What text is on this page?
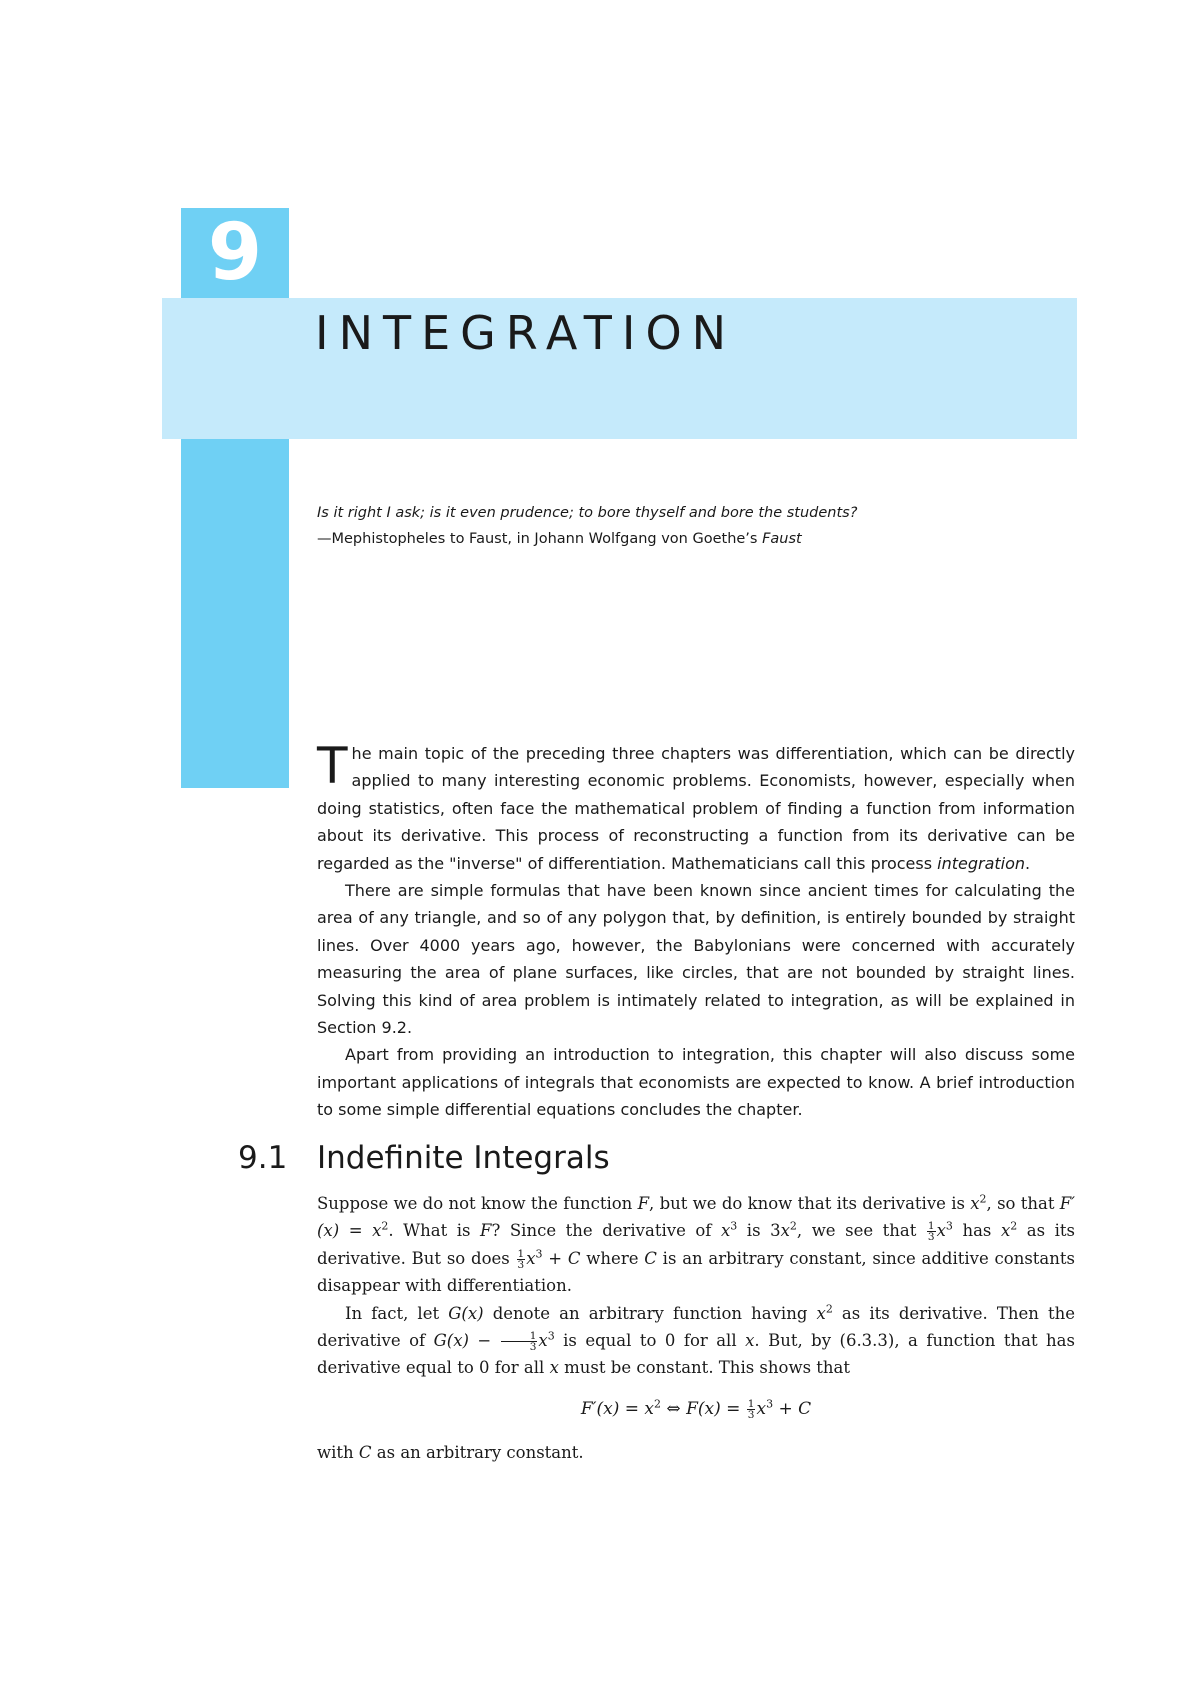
9
INTEGRATION
Is it right I ask; is it even prudence; to bore thyself and bore the students?
—Mephistopheles to Faust, in Johann Wolfgang von Goethe’s Faust

The main topic of the preceding three chapters was differentiation, which can be directly applied to many interesting economic problems. Economists, however, especially when doing statistics, often face the mathematical problem of finding a function from information about its derivative. This process of reconstructing a function from its derivative can be regarded as the "inverse" of differentiation. Mathematicians call this process integration.

There are simple formulas that have been known since ancient times for calculating the area of any triangle, and so of any polygon that, by definition, is entirely bounded by straight lines. Over 4000 years ago, however, the Babylonians were concerned with accurately measuring the area of plane surfaces, like circles, that are not bounded by straight lines. Solving this kind of area problem is intimately related to integration, as will be explained in Section 9.2.

Apart from providing an introduction to integration, this chapter will also discuss some important applications of integrals that economists are expected to know. A brief introduction to some simple differential equations concludes the chapter.

9.1 Indefinite Integrals

Suppose we do not know the function F, but we do know that its derivative is $x^2$, so that $F'(x) = x^2$. What is F? Since the derivative of $x^3$ is $3x^2$, we see that $\frac{1}{3} x^3$ has $x^2$ as its derivative. But so does $\frac{1}{3} x^3 + C$ where C is an arbitrary constant, since additive constants disappear with differentiation.

In fact, let G(x) denote an arbitrary function having $x^2$ as its derivative. Then the derivative of $G(x) - \frac{1}{3} x^3$ is equal to 0 for all x. But, by (6.3.3), a function that has derivative equal to 0 for all x must be constant. This shows that

$F'(x) = x^2$ ⇔ $F(x) = \frac{1}{3} x^3 + C$

with C as an arbitrary constant.
